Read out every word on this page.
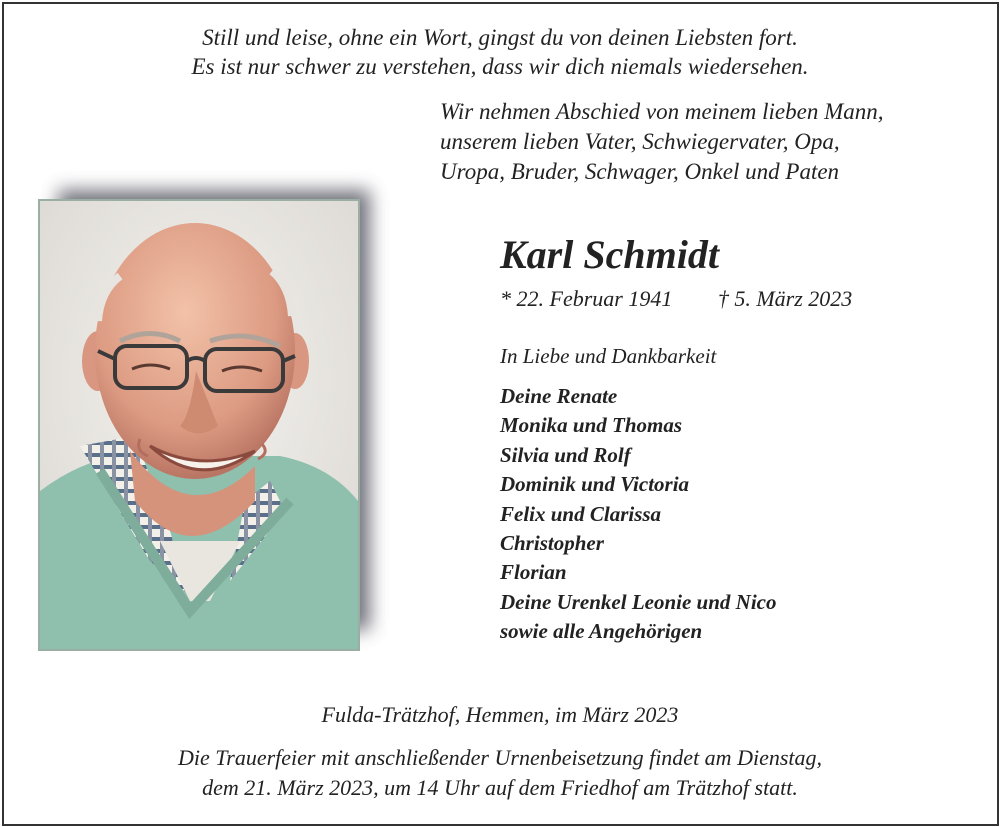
Still und leise, ohne ein Wort, gingst du von deinen Liebsten fort.
Es ist nur schwer zu verstehen, dass wir dich niemals wiedersehen.
Wir nehmen Abschied von meinem lieben Mann,
unserem lieben Vater, Schwiegervater, Opa,
Uropa, Bruder, Schwager, Onkel und Paten
Karl Schmidt
* 22. Februar 1941 † 5. März 2023
In Liebe und Dankbarkeit
Deine Renate
Monika und Thomas
Silvia und Rolf
Dominik und Victoria
Felix und Clarissa
Christopher
Florian
Deine Urenkel Leonie und Nico
sowie alle Angehörigen
Fulda-Trätzhof, Hemmen, im März 2023
Die Trauerfeier mit anschließender Urnenbeisetzung findet am Dienstag,
dem 21. März 2023, um 14 Uhr auf dem Friedhof am Trätzhof statt.
